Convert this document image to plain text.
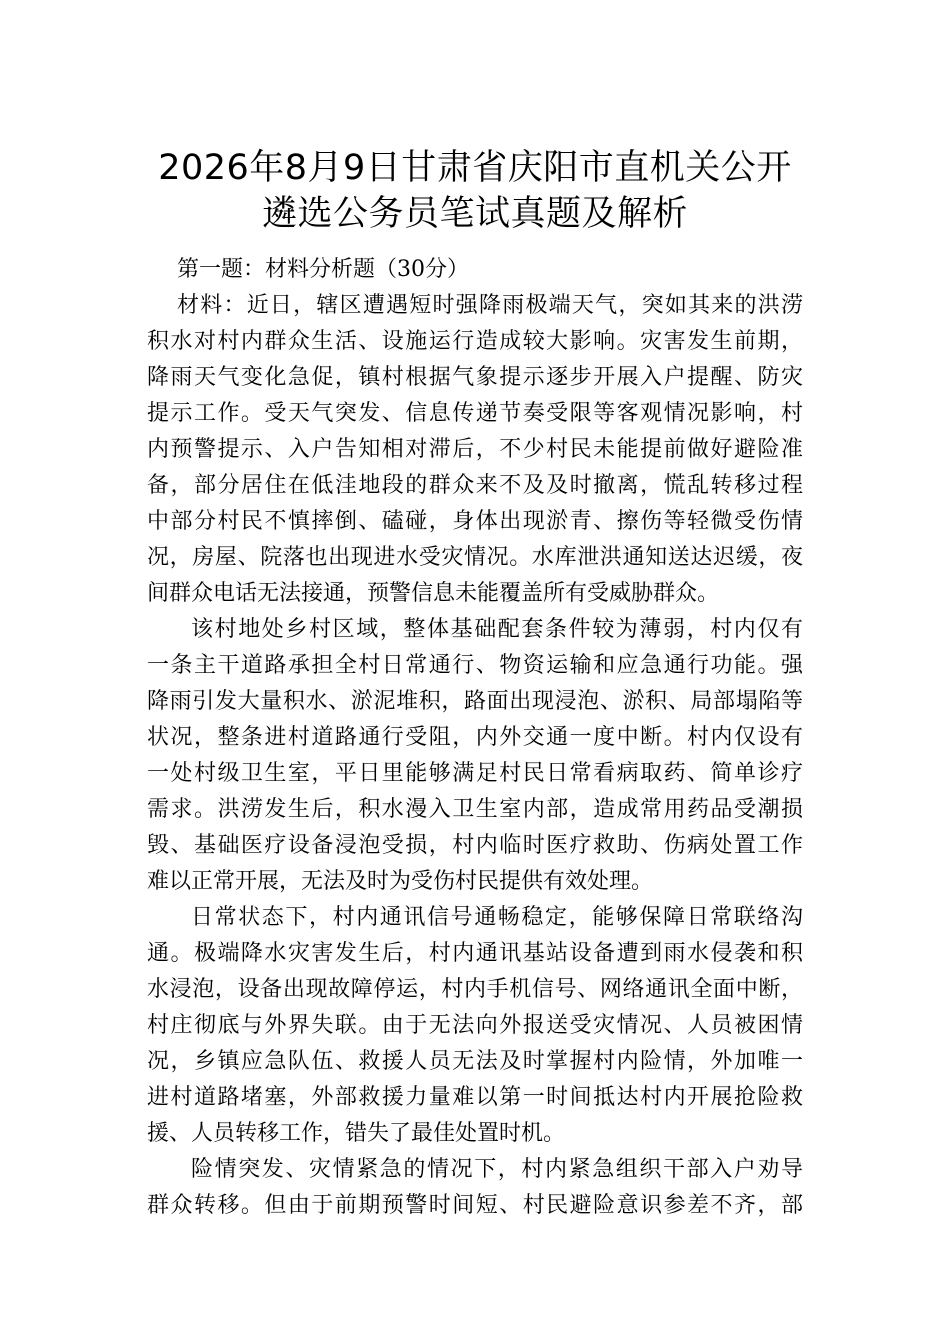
2026年8月9日甘肃省庆阳市直机关公开
遴选公务员笔试真题及解析
第一题：材料分析题（30分）
材料：近日，辖区遭遇短时强降雨极端天气，突如其来的洪涝
积水对村内群众生活、设施运行造成较大影响。灾害发生前期，
降雨天气变化急促，镇村根据气象提示逐步开展入户提醒、防灾
提示工作。受天气突发、信息传递节奏受限等客观情况影响，村
内预警提示、入户告知相对滞后，不少村民未能提前做好避险准
备，部分居住在低洼地段的群众来不及及时撤离，慌乱转移过程
中部分村民不慎摔倒、磕碰，身体出现淤青、擦伤等轻微受伤情
况，房屋、院落也出现进水受灾情况。水库泄洪通知送达迟缓，夜
间群众电话无法接通，预警信息未能覆盖所有受威胁群众。
该村地处乡村区域，整体基础配套条件较为薄弱，村内仅有
一条主干道路承担全村日常通行、物资运输和应急通行功能。强
降雨引发大量积水、淤泥堆积，路面出现浸泡、淤积、局部塌陷等
状况，整条进村道路通行受阻，内外交通一度中断。村内仅设有
一处村级卫生室，平日里能够满足村民日常看病取药、简单诊疗
需求。洪涝发生后，积水漫入卫生室内部，造成常用药品受潮损
毁、基础医疗设备浸泡受损，村内临时医疗救助、伤病处置工作
难以正常开展，无法及时为受伤村民提供有效处理。
日常状态下，村内通讯信号通畅稳定，能够保障日常联络沟
通。极端降水灾害发生后，村内通讯基站设备遭到雨水侵袭和积
水浸泡，设备出现故障停运，村内手机信号、网络通讯全面中断，
村庄彻底与外界失联。由于无法向外报送受灾情况、人员被困情
况，乡镇应急队伍、救援人员无法及时掌握村内险情，外加唯一
进村道路堵塞，外部救援力量难以第一时间抵达村内开展抢险救
援、人员转移工作，错失了最佳处置时机。
险情突发、灾情紧急的情况下，村内紧急组织干部入户劝导
群众转移。但由于前期预警时间短、村民避险意识参差不齐，部
